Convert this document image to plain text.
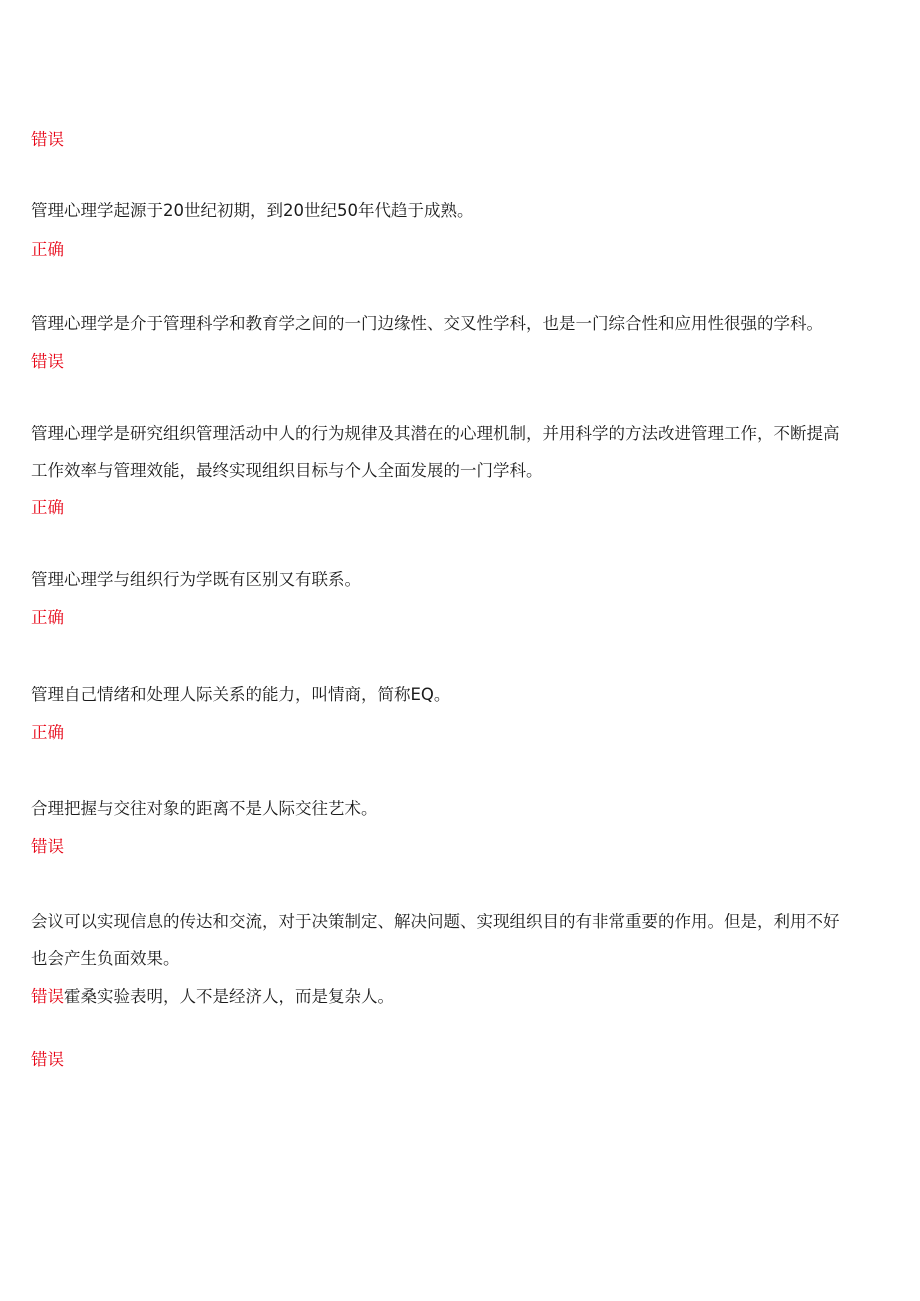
错误
管理心理学起源于20世纪初期，到20世纪50年代趋于成熟。
正确
管理心理学是介于管理科学和教育学之间的一门边缘性、交叉性学科，也是一门综合性和应用性很强的学科。
错误
管理心理学是研究组织管理活动中人的行为规律及其潜在的心理机制，并用科学的方法改进管理工作，不断提高
工作效率与管理效能，最终实现组织目标与个人全面发展的一门学科。
正确
管理心理学与组织行为学既有区别又有联系。
正确
管理自己情绪和处理人际关系的能力，叫情商，简称EQ。
正确
合理把握与交往对象的距离不是人际交往艺术。
错误
会议可以实现信息的传达和交流，对于决策制定、解决问题、实现组织目的有非常重要的作用。但是，利用不好
也会产生负面效果。
错误霍桑实验表明，人不是经济人，而是复杂人。
错误
